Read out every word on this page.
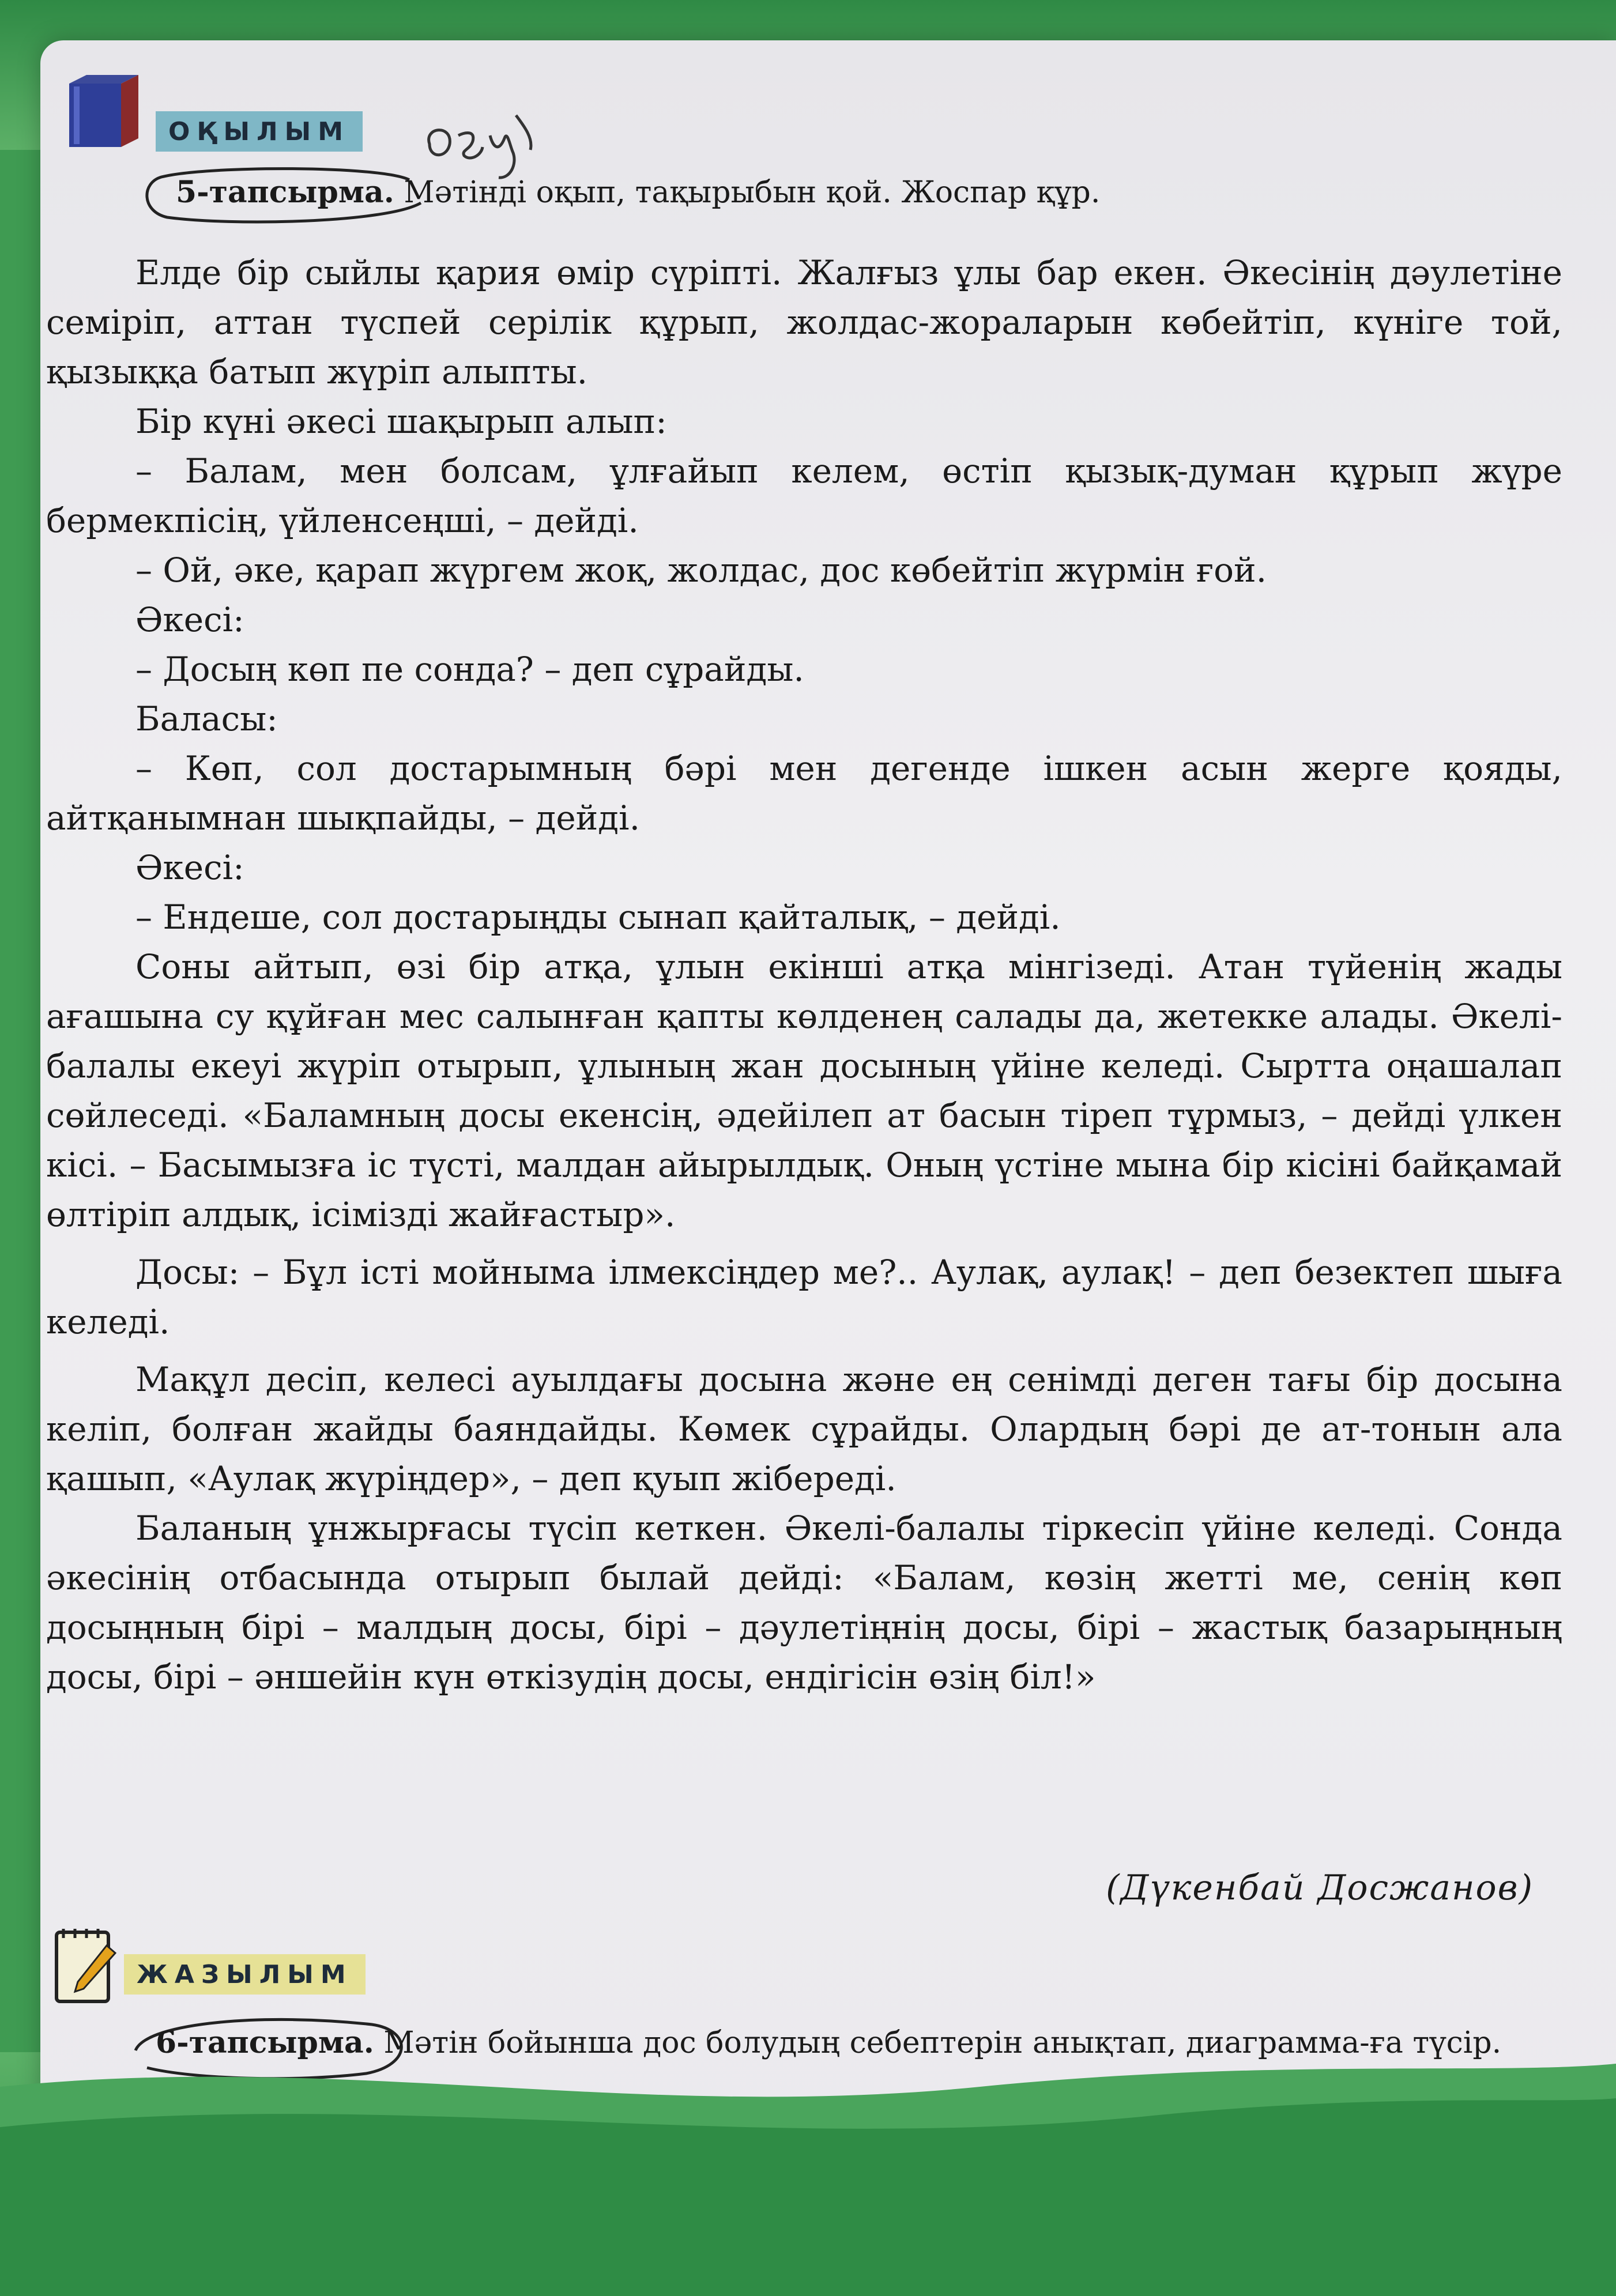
ОҚЫЛЫМ
оқу
5-тапсырма. Мәтінді оқып, тақырыбын қой. Жоспар құр.

Елде бір сыйлы қария өмір сүріпті. Жалғыз ұлы бар екен. Әкесінің дәулетіне семіріп, аттан түспей серілік құрып, жолдас-жораларын көбейтіп, күніге той, қызыққа батып жүріп алыпты.

Бір күні әкесі шақырып алып:

– Балам, мен болсам, ұлғайып келем, өстіп қызық-думан құрып жүре бермекпісің, үйленсеңші, – дейді.

– Ой, әке, қарап жүргем жоқ, жолдас, дос көбейтіп жүрмін ғой.

Әкесі:

– Досың көп пе сонда? – деп сұрайды.

Баласы:

– Көп, сол достарымның бәрі мен дегенде ішкен асын жерге қояды, айтқанымнан шықпайды, – дейді.

Әкесі:

– Ендеше, сол достарыңды сынап қайталық, – дейді.

Соны айтып, өзі бір атқа, ұлын екінші атқа мінгізеді. Атан түйенің жады ағашына су құйған мес салынған қапты көлденең салады да, жетекке алады. Әкелі-балалы екеуі жүріп отырып, ұлының жан досының үйіне келеді. Сыртта оңашалап сөйлеседі. «Баламның досы екенсің, әдейілеп ат басын тіреп тұрмыз, – дейді үлкен кісі. – Басымызға іс түсті, малдан айырылдық. Оның үстіне мына бір кісіні байқамай өлтіріп алдық, ісімізді жайғастыр».

Досы: – Бұл істі мойныма ілмексіңдер ме?.. Аулақ, аулақ! – деп безектеп шыға келеді.

Мақұл десіп, келесі ауылдағы досына және ең сенімді деген тағы бір досына келіп, болған жайды баяндайды. Көмек сұрайды. Олардың бәрі де ат-тонын ала қашып, «Аулақ жүріңдер», – деп қуып жібереді.

Баланың ұнжырғасы түсіп кеткен. Әкелі-балалы тіркесіп үйіне келеді. Сонда әкесінің отбасында отырып былай дейді: «Балам, көзің жетті ме, сенің көп досыңның бірі – малдың досы, бірі – дәулетіңнің досы, бірі – жастық базарыңның досы, бірі – әншейін күн өткізудің досы, ендігісін өзің біл!»

(Дүкенбай Досжанов)
ЖАЗЫЛЫМ
6-тапсырма. Мәтін бойынша дос болудың себептерін анықтап, диаграмма-ға түсір.
